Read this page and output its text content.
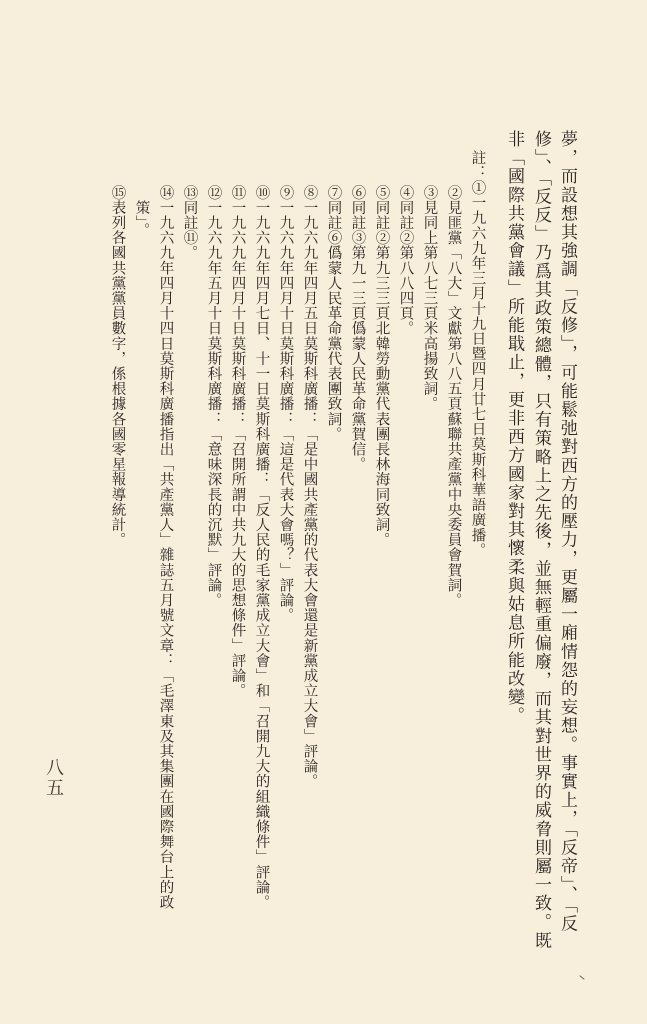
夢，而設想其強調「反修」，可能鬆弛對西方的壓力，更屬一廂情怨的妄想。事實上，「反帝」、「反
修」、「反反」乃爲其政策總體，只有策略上之先後，並無輕重偏廢，而其對世界的威脅則屬一致。既
非「國際共黨會議」所能戢止，更非西方國家對其懷柔與姑息所能改變。
註：①一九六九年三月十九日暨四月廿七日莫斯科華語廣播。
②見匪黨「八大」文獻第八八五頁蘇聯共產黨中央委員會賀詞。
③見同上第八七三頁米高揚致詞。
④同註②第八八四頁。
⑤同註②第九三三頁北韓勞動黨代表團長林海同致詞。
⑥同註③第九一三頁僞蒙人民革命黨賀信。
⑦同註⑥僞蒙人民革命黨代表團致詞。
⑧一九六九年四月五日莫斯科廣播：「是中國共產黨的代表大會還是新黨成立大會」評論。
⑨一九六九年四月十日莫斯科廣播：「這是代表大會嗎？」評論。
⑩一九六九年四月七日、十一日莫斯科廣播：「反人民的毛家黨成立大會」和「召開九大的組織條件」評論。
⑪一九六九年四月十日莫斯科廣播：「召開所謂中共九大的思想條件」評論。
⑫一九六九年五月十日莫斯科廣播：「意味深長的沉默」評論。
⑬同註⑪。
⑭一九六九年四月十四日莫斯科廣播指出「共產黨人」雜誌五月號文章：「毛澤東及其集團在國際舞台上的政
策」。
⑮表列各國共黨黨員數字，係根據各國零星報導統計。
八五
